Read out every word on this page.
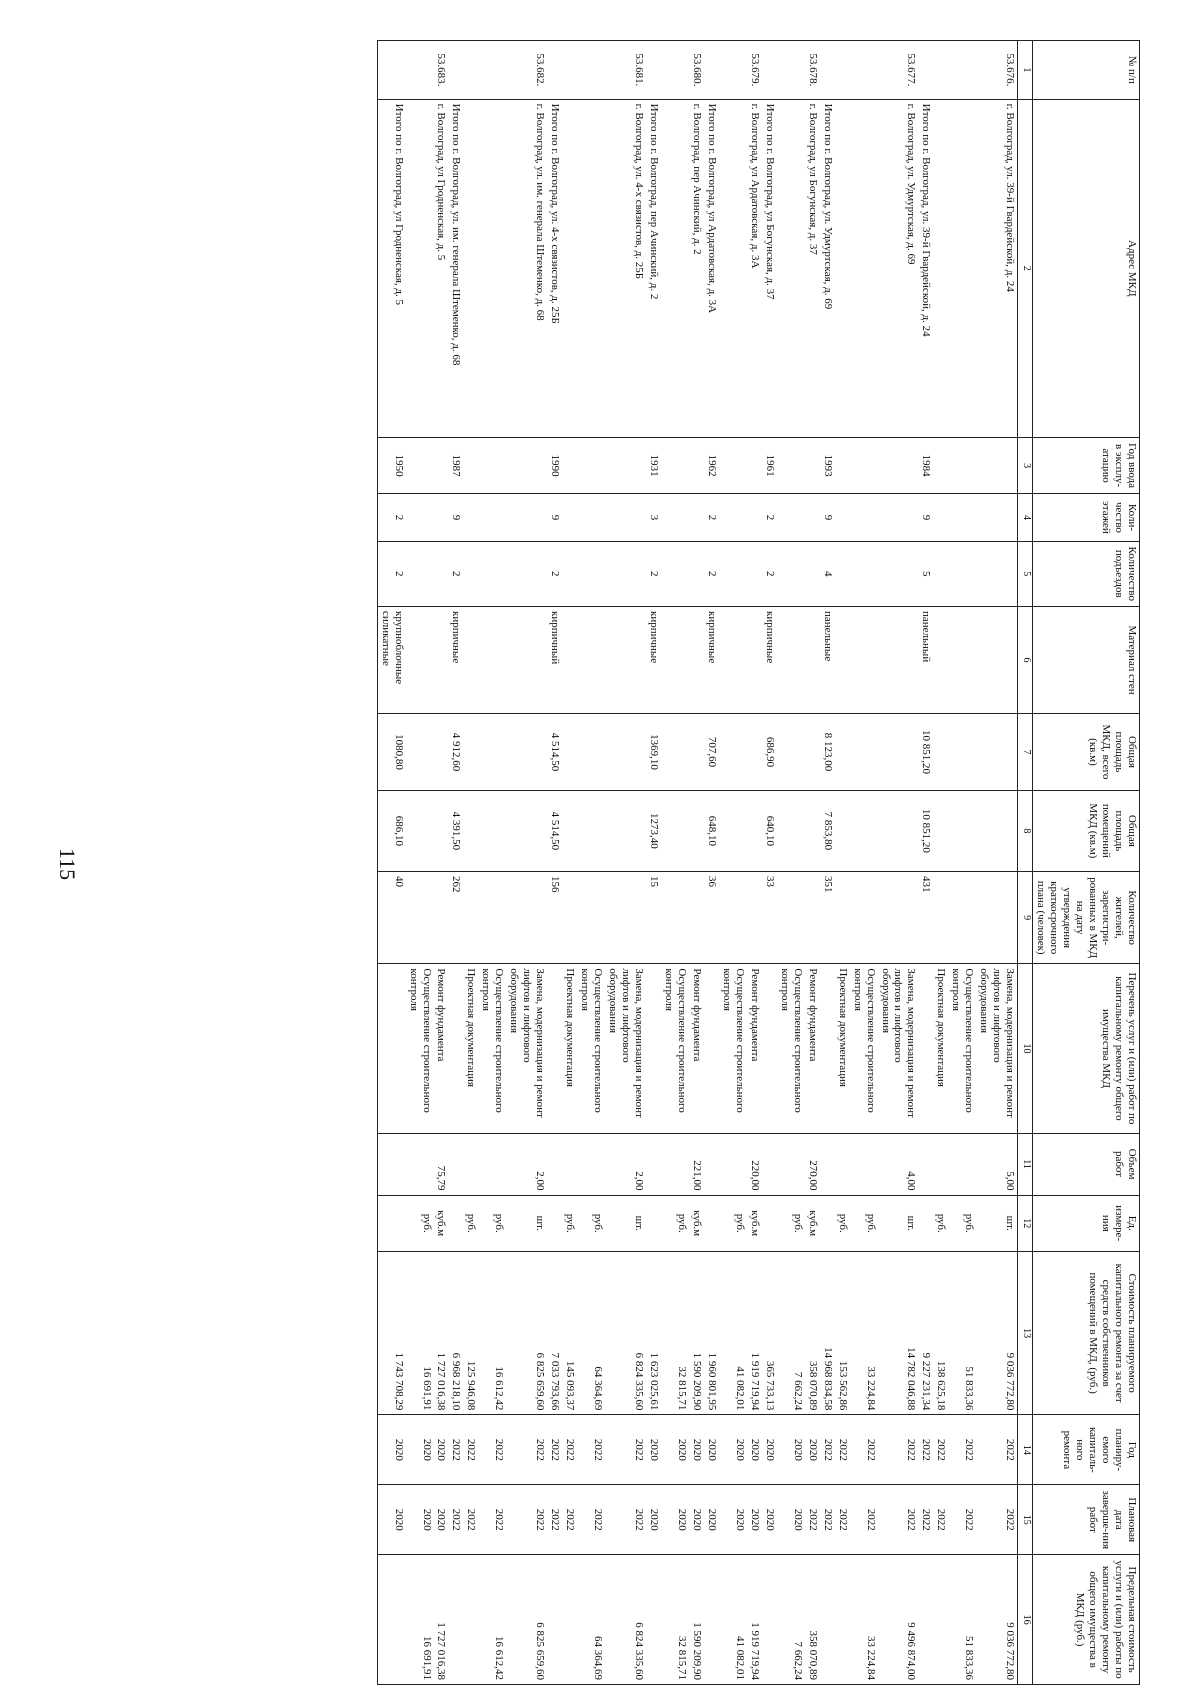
115
№ п/п	Адрес МКД	Год ввода в эксплу-атацию	Коли-чество этажей	Количество подъездов	Материал стен	Общая площадь МКД, всего (кв.м)	Общая площадь помещений МКД (кв.м)	Количество жителей, зарегистри-рованных в МКД на дату утверждения краткосрочного плана (человек)	Перечень услуг и (или) работ по капитальному ремонту общего имущества МКД	Объем работ	Ед. измере-ния	Стоимость планируемого капитального ремонта за счет средств собственников помещений в МКД, (руб.)	Год планиру-емого капиталь-ного ремонта	Плановая дата заверше-ния работ	Предельная стоимость услуги и (или) работы по капитальному ремонту общего имущества в МКД (руб.)
1	2	3	4	5	6	7	8	9	10	11	12	13	14	15	16
53.676.	г. Волгоград, ул. 39-й Гвардейской, д. 24								Замена, модернизация и ремонт лифтов и лифтового оборудования	5,00	шт.	9 036 772,80	2022	2022	9 036 772,80
									Осуществление строительного контроля		руб.	51 833,36	2022	2022	51 833,36
									Проектная документация		руб.	138 625,18	2022	2022	
	Итого по г. Волгоград, ул. 39-й Гвардейской, д. 24	1984	9	5	панельный	10 851,20	10 851,20	431				9 227 231,34	2022	2022	
53.677.	г. Волгоград, ул. Удмуртская, д. 69								Замена, модернизация и ремонт лифтов и лифтового оборудования	4,00	шт.	14 782 046,88	2022	2022	9 496 874,00
									Осуществление строительного контроля		руб.	33 224,84	2022	2022	33 224,84
									Проектная документация		руб.	153 562,86	2022	2022	
	Итого по г. Волгоград, ул. Удмуртская, д. 69	1993	9	4	панельные	8 123,00	7 853,80	351				14 968 834,58	2022	2022	
53.678.	г. Волгоград, ул Богунская, д. 37								Ремонт фундамента	270,00	куб.м	358 070,89	2020	2022	358 070,89
									Осуществление строительного контроля		руб.	7 662,24	2020	2020	7 662,24
	Итого по г. Волгоград, ул Богунская, д. 37	1961	2	2	кирпичные	686,90	640,10	33				365 733,13	2020	2020	
53.679.	г. Волгоград, ул Ардатовская, д. 3А								Ремонт фундамента	220,00	куб.м	1 919 719,94	2020	2020	1 919 719,94
									Осуществление строительного контроля		руб.	41 082,01	2020	2020	41 082,01
	Итого по г. Волгоград, ул Ардатовская, д. 3А	1962	2	2	кирпичные	707,60	648,10	36				1 960 801,95	2020	2020	
53.680.	г. Волгоград, пер Ачинский, д. 2								Ремонт фундамента	221,00	куб.м	1 590 209,90	2020	2020	1 590 209,90
									Осуществление строительного контроля		руб.	32 815,71	2020	2020	32 815,71
	Итого по г. Волгоград, пер Ачинский, д. 2	1931	3	2	кирпичные	1369,10	1273,40	15				1 623 025,61	2020	2020	
53.681.	г. Волгоград, ул. 4-х связистов, д. 25Б								Замена, модернизация и ремонт лифтов и лифтового оборудования	2,00	шт.	6 824 335,60	2022	2022	6 824 335,60
									Осуществление строительного контроля		руб.	64 364,69	2022	2022	64 364,69
									Проектная документация		руб.	145 093,37	2022	2022	
	Итого по г. Волгоград, ул. 4-х связистов, д. 25Б	1990	9	2	кирпичный	4 514,50	4 514,50	156				7 033 793,66	2022	2022	
53.682.	г. Волгоград, ул. им. генерала Штеменко, д. 68								Замена, модернизация и ремонт лифтов и лифтового оборудования	2,00	шт.	6 825 659,60	2022	2022	6 825 659,60
									Осуществление строительного контроля		руб.	16 612,42	2022	2022	16 612,42
									Проектная документация		руб.	125 946,08	2022	2022	
	Итого по г. Волгоград, ул. им. генерала Штеменко, д. 68	1987	9	2	кирпичные	4 912,60	4 391,50	262				6 968 218,10	2022	2022	
53.683.	г. Волгоград, ул Гродненская, д. 5								Ремонт фундамента	75,79	куб.м	1 727 016,38	2020	2020	1 727 016,38
									Осуществление строительного контроля		руб.	16 691,91	2020	2020	16 691,91
	Итого по г. Волгоград, ул Гродненская, д. 5	1950	2	2	крупноблочные силикатные	1080,80	686,10	40				1 743 708,29	2020	2020	
